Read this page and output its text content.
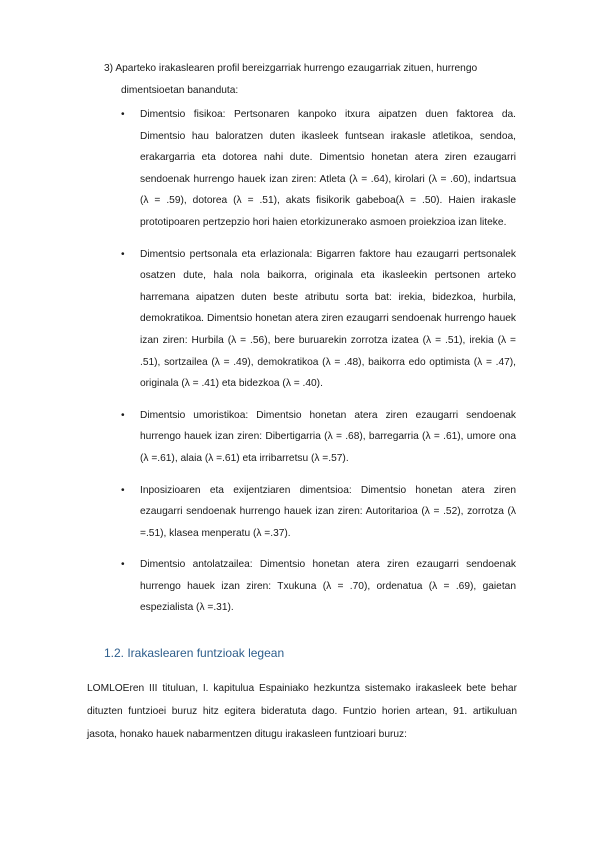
3) Aparteko irakaslearen profil bereizgarriak hurrengo ezaugarriak zituen, hurrengo
dimentsioetan bananduta:

• Dimentsio fisikoa: Pertsonaren kanpoko itxura aipatzen duen faktorea da. Dimentsio hau baloratzen duten ikasleek funtsean irakasle atletikoa, sendoa, erakargarria eta dotorea nahi dute. Dimentsio honetan atera ziren ezaugarri sendoenak hurrengo hauek izan ziren: Atleta (λ = .64), kirolari (λ = .60), indartsua (λ = .59), dotorea (λ = .51), akats fisikorik gabeboa(λ = .50). Haien irakasle prototipoaren pertzepzio hori haien etorkizunerako asmoen proiekzioa izan liteke.
• Dimentsio pertsonala eta erlazionala: Bigarren faktore hau ezaugarri pertsonalek osatzen dute, hala nola baikorra, originala eta ikasleekin pertsonen arteko harremana aipatzen duten beste atributu sorta bat: irekia, bidezkoa, hurbila, demokratikoa. Dimentsio honetan atera ziren ezaugarri sendoenak hurrengo hauek izan ziren: Hurbila (λ = .56), bere buruarekin zorrotza izatea (λ = .51), irekia (λ = .51), sortzailea (λ = .49), demokratikoa (λ = .48), baikorra edo optimista (λ = .47), originala (λ = .41) eta bidezkoa (λ = .40).
• Dimentsio umoristikoa: Dimentsio honetan atera ziren ezaugarri sendoenak hurrengo hauek izan ziren: Dibertigarria (λ = .68), barregarria (λ = .61), umore ona (λ =.61), alaia (λ =.61) eta irribarretsu (λ =.57).
• Inposizioaren eta exijentziaren dimentsioa: Dimentsio honetan atera ziren ezaugarri sendoenak hurrengo hauek izan ziren: Autoritarioa (λ = .52), zorrotza (λ =.51), klasea menperatu (λ =.37).
• Dimentsio antolatzailea: Dimentsio honetan atera ziren ezaugarri sendoenak hurrengo hauek izan ziren: Txukuna (λ = .70), ordenatua (λ = .69), gaietan espezialista (λ =.31).
1.2. Irakaslearen funtzioak legean

LOMLOEren III tituluan, I. kapitulua Espainiako hezkuntza sistemako irakasleek bete behar dituzten funtzioei buruz hitz egitera bideratuta dago. Funtzio horien artean, 91. artikuluan jasota, honako hauek nabarmentzen ditugu irakasleen funtzioari buruz:
